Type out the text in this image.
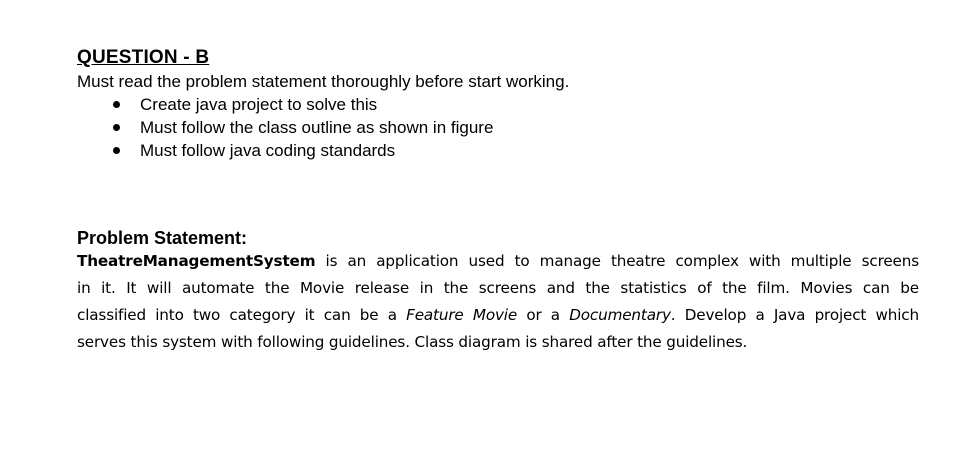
QUESTION - B

Must read the problem statement thoroughly before start working.

Create java project to solve this
Must follow the class outline as shown in figure
Must follow java coding standards
Problem Statement:
TheatreManagementSystem is an application used to manage theatre complex with multiple screens
in it. It will automate the Movie release in the screens and the statistics of the film. Movies can be
classified into two category it can be a Feature Movie or a Documentary. Develop a Java project which
serves this system with following guidelines. Class diagram is shared after the guidelines.
